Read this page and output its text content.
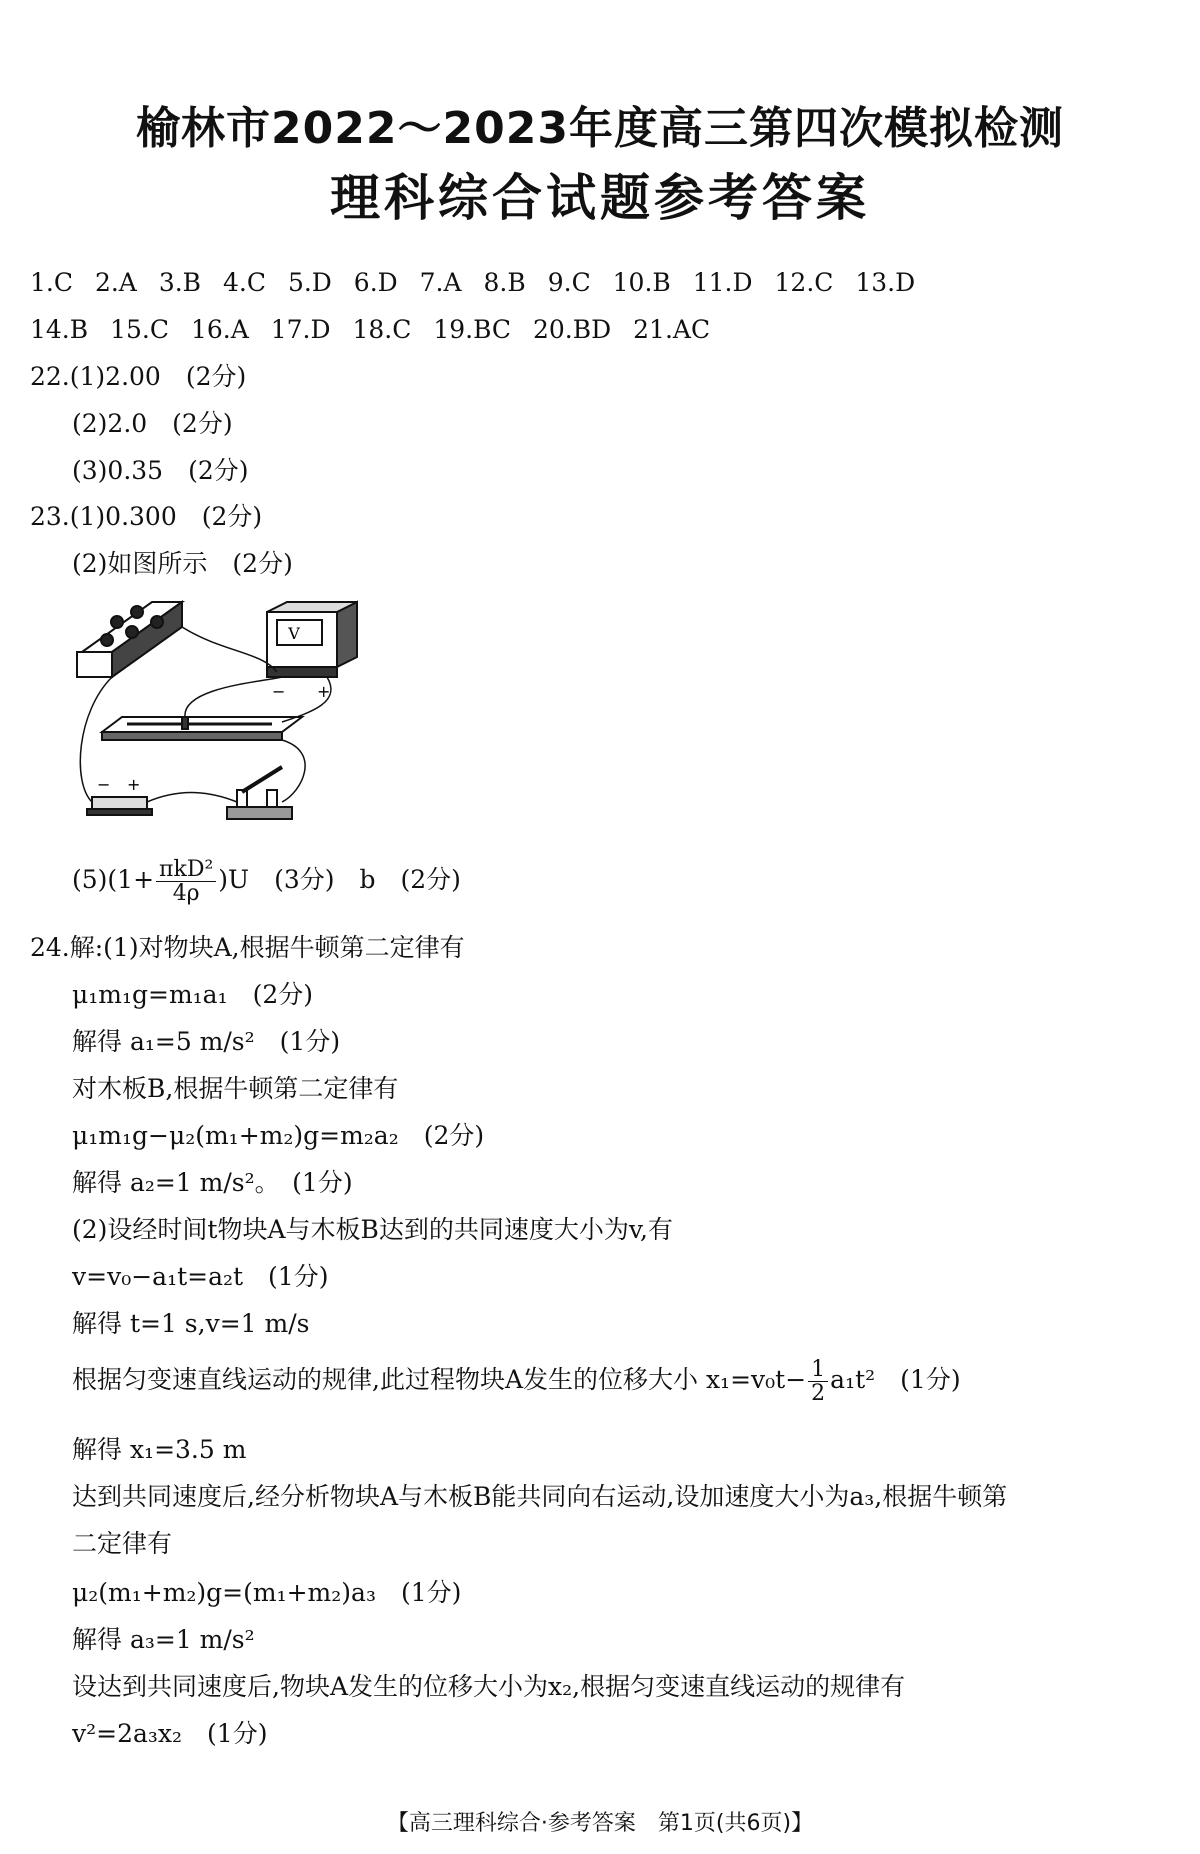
榆林市2022～2023年度高三第四次模拟检测
理科综合试题参考答案
1.C 2.A 3.B 4.C 5.D 6.D 7.A 8.B 9.C 10.B 11.D 12.C 13.D
14.B 15.C 16.A 17.D 18.C 19.BC 20.BD 21.AC
22.(1)2.00　(2分)
(2)2.0　(2分)
(3)0.35　(2分)
23.(1)0.300　(2分)
(2)如图所示　(2分)
V
− +
− +
$(5)(1+ \frac{\text{πkD²}}{4\rho} )U$　(3分)　b　(2分)
24.解:(1)对物块A,根据牛顿第二定律有
μ₁m₁g=m₁a₁　(2分)
解得 a₁=5 m/s²　(1分)
对木板B,根据牛顿第二定律有
μ₁m₁g−μ₂(m₁+m₂)g=m₂a₂　(2分)
解得 a₂=1 m/s²。　(1分)
(2)设经时间t物块A与木板B达到的共同速度大小为v,有
v=v₀−a₁t=a₂t　(1分)
解得 t=1 s,v=1 m/s
根据匀变速直线运动的规律,此过程物块A发生的位移大小 $x_1=v_0t- \frac{1}{2} a_1t^2$　(1分)
解得 x₁=3.5 m
达到共同速度后,经分析物块A与木板B能共同向右运动,设加速度大小为a₃,根据牛顿第
二定律有
μ₂(m₁+m₂)g=(m₁+m₂)a₃　(1分)
解得 a₃=1 m/s²
设达到共同速度后,物块A发生的位移大小为x₂,根据匀变速直线运动的规律有
v²=2a₃x₂　(1分)
【高三理科综合·参考答案　第1页(共6页)】
